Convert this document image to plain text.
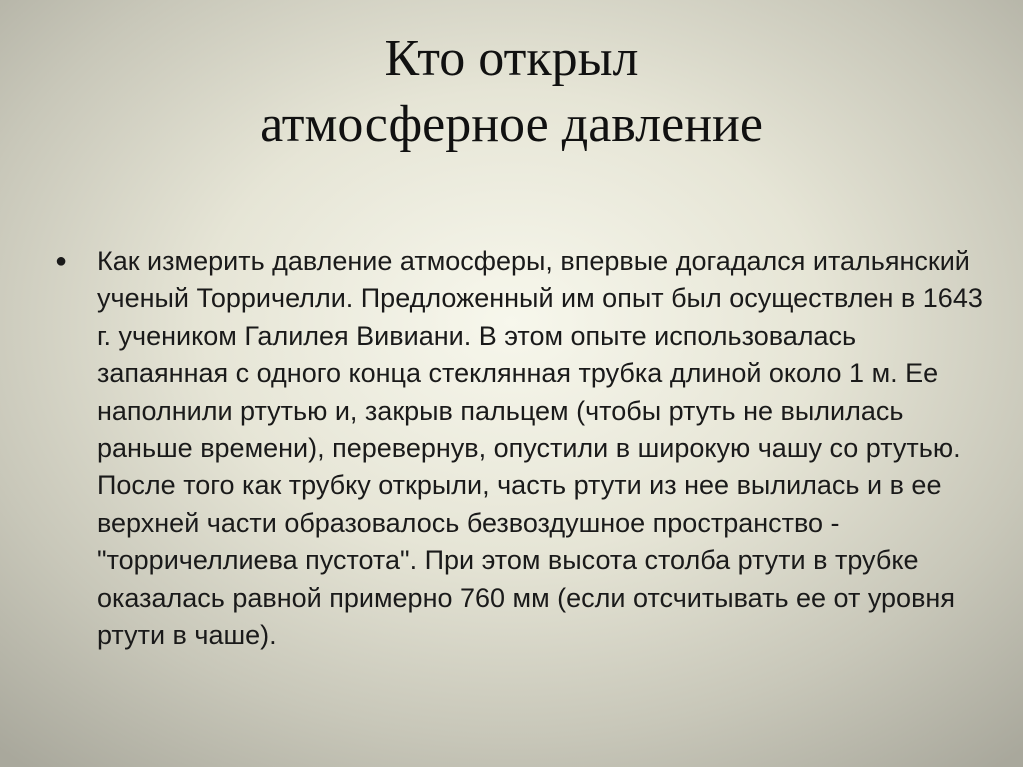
Кто открыл
атмосферное давление
● Как измерить давление атмосферы, впервые догадался итальянский ученый Торричелли. Предложенный им опыт был осуществлен в 1643 г. учеником Галилея Вивиани. В этом опыте использовалась запаянная с одного конца стеклянная трубка длиной около 1 м. Ее наполнили ртутью и, закрыв пальцем (чтобы ртуть не вылилась раньше времени), перевернув, опустили в широкую чашу со ртутью. После того как трубку открыли, часть ртути из нее вылилась и в ее верхней части образовалось безвоздушное пространство -"торричеллиева пустота". При этом высота столба ртути в трубке оказалась равной примерно 760 мм (если отсчитывать ее от уровня ртути в чаше).
